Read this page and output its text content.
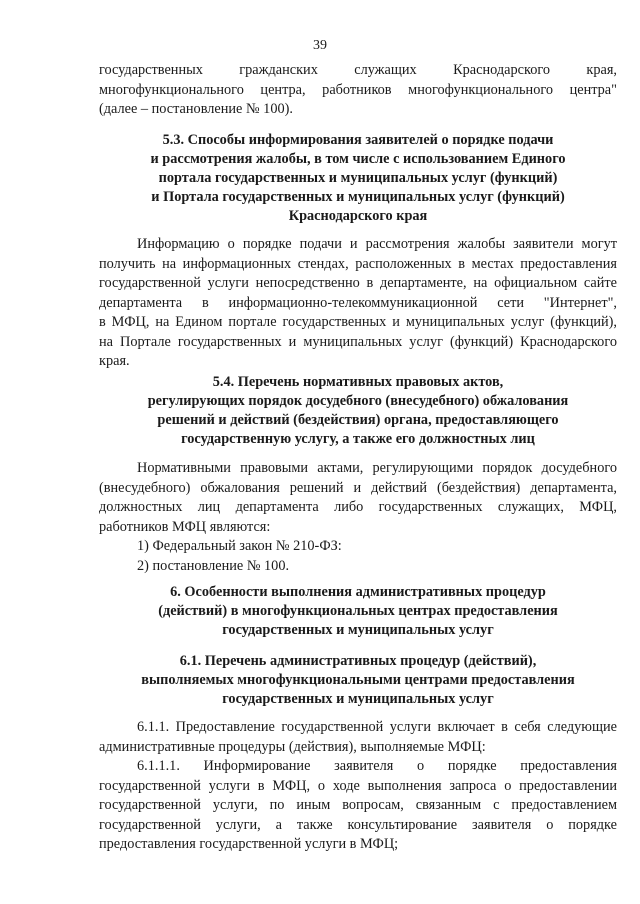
39
государственных гражданских служащих Краснодарского края,
многофункционального центра, работников многофункционального центра"
(далее – постановление № 100).
5.3. Способы информирования заявителей о порядке подачи
и рассмотрения жалобы, в том числе с использованием Единого
портала государственных и муниципальных услуг (функций)
и Портала государственных и муниципальных услуг (функций)
Краснодарского края
Информацию о порядке подачи и рассмотрения жалобы заявители могут
получить на информационных стендах, расположенных в местах предоставления
государственной услуги непосредственно в департаменте, на официальном сайте
департамента в информационно-телекоммуникационной сети "Интернет",
в МФЦ, на Едином портале государственных и муниципальных услуг (функций),
на Портале государственных и муниципальных услуг (функций) Краснодарского
края.
5.4. Перечень нормативных правовых актов,
регулирующих порядок досудебного (внесудебного) обжалования
решений и действий (бездействия) органа, предоставляющего
государственную услугу, а также его должностных лиц
Нормативными правовыми актами, регулирующими порядок досудебного
(внесудебного) обжалования решений и действий (бездействия) департамента,
должностных лиц департамента либо государственных служащих, МФЦ,
работников МФЦ являются:
1) Федеральный закон № 210-ФЗ:
2) постановление № 100.
6. Особенности выполнения административных процедур
(действий) в многофункциональных центрах предоставления
государственных и муниципальных услуг
6.1. Перечень административных процедур (действий),
выполняемых многофункциональными центрами предоставления
государственных и муниципальных услуг
6.1.1. Предоставление государственной услуги включает в себя следующие
административные процедуры (действия), выполняемые МФЦ:
6.1.1.1. Информирование заявителя о порядке предоставления
государственной услуги в МФЦ, о ходе выполнения запроса о предоставлении
государственной услуги, по иным вопросам, связанным с предоставлением
государственной услуги, а также консультирование заявителя о порядке
предоставления государственной услуги в МФЦ;
